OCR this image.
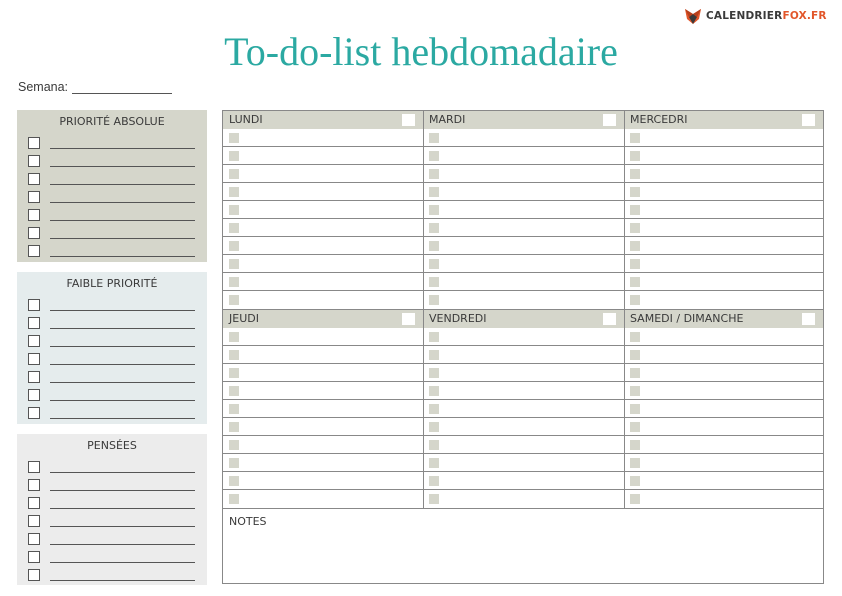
CALENDRIERFOX.FR
To-do-list hebdomadaire
Semana:
PRIORITÉ ABSOLUE
FAIBLE PRIORITÉ
PENSÉES
NOTES
LUNDI	MARDI	MERCEDRI
JEUDI	VENDREDI	SAMEDI / DIMANCHE
